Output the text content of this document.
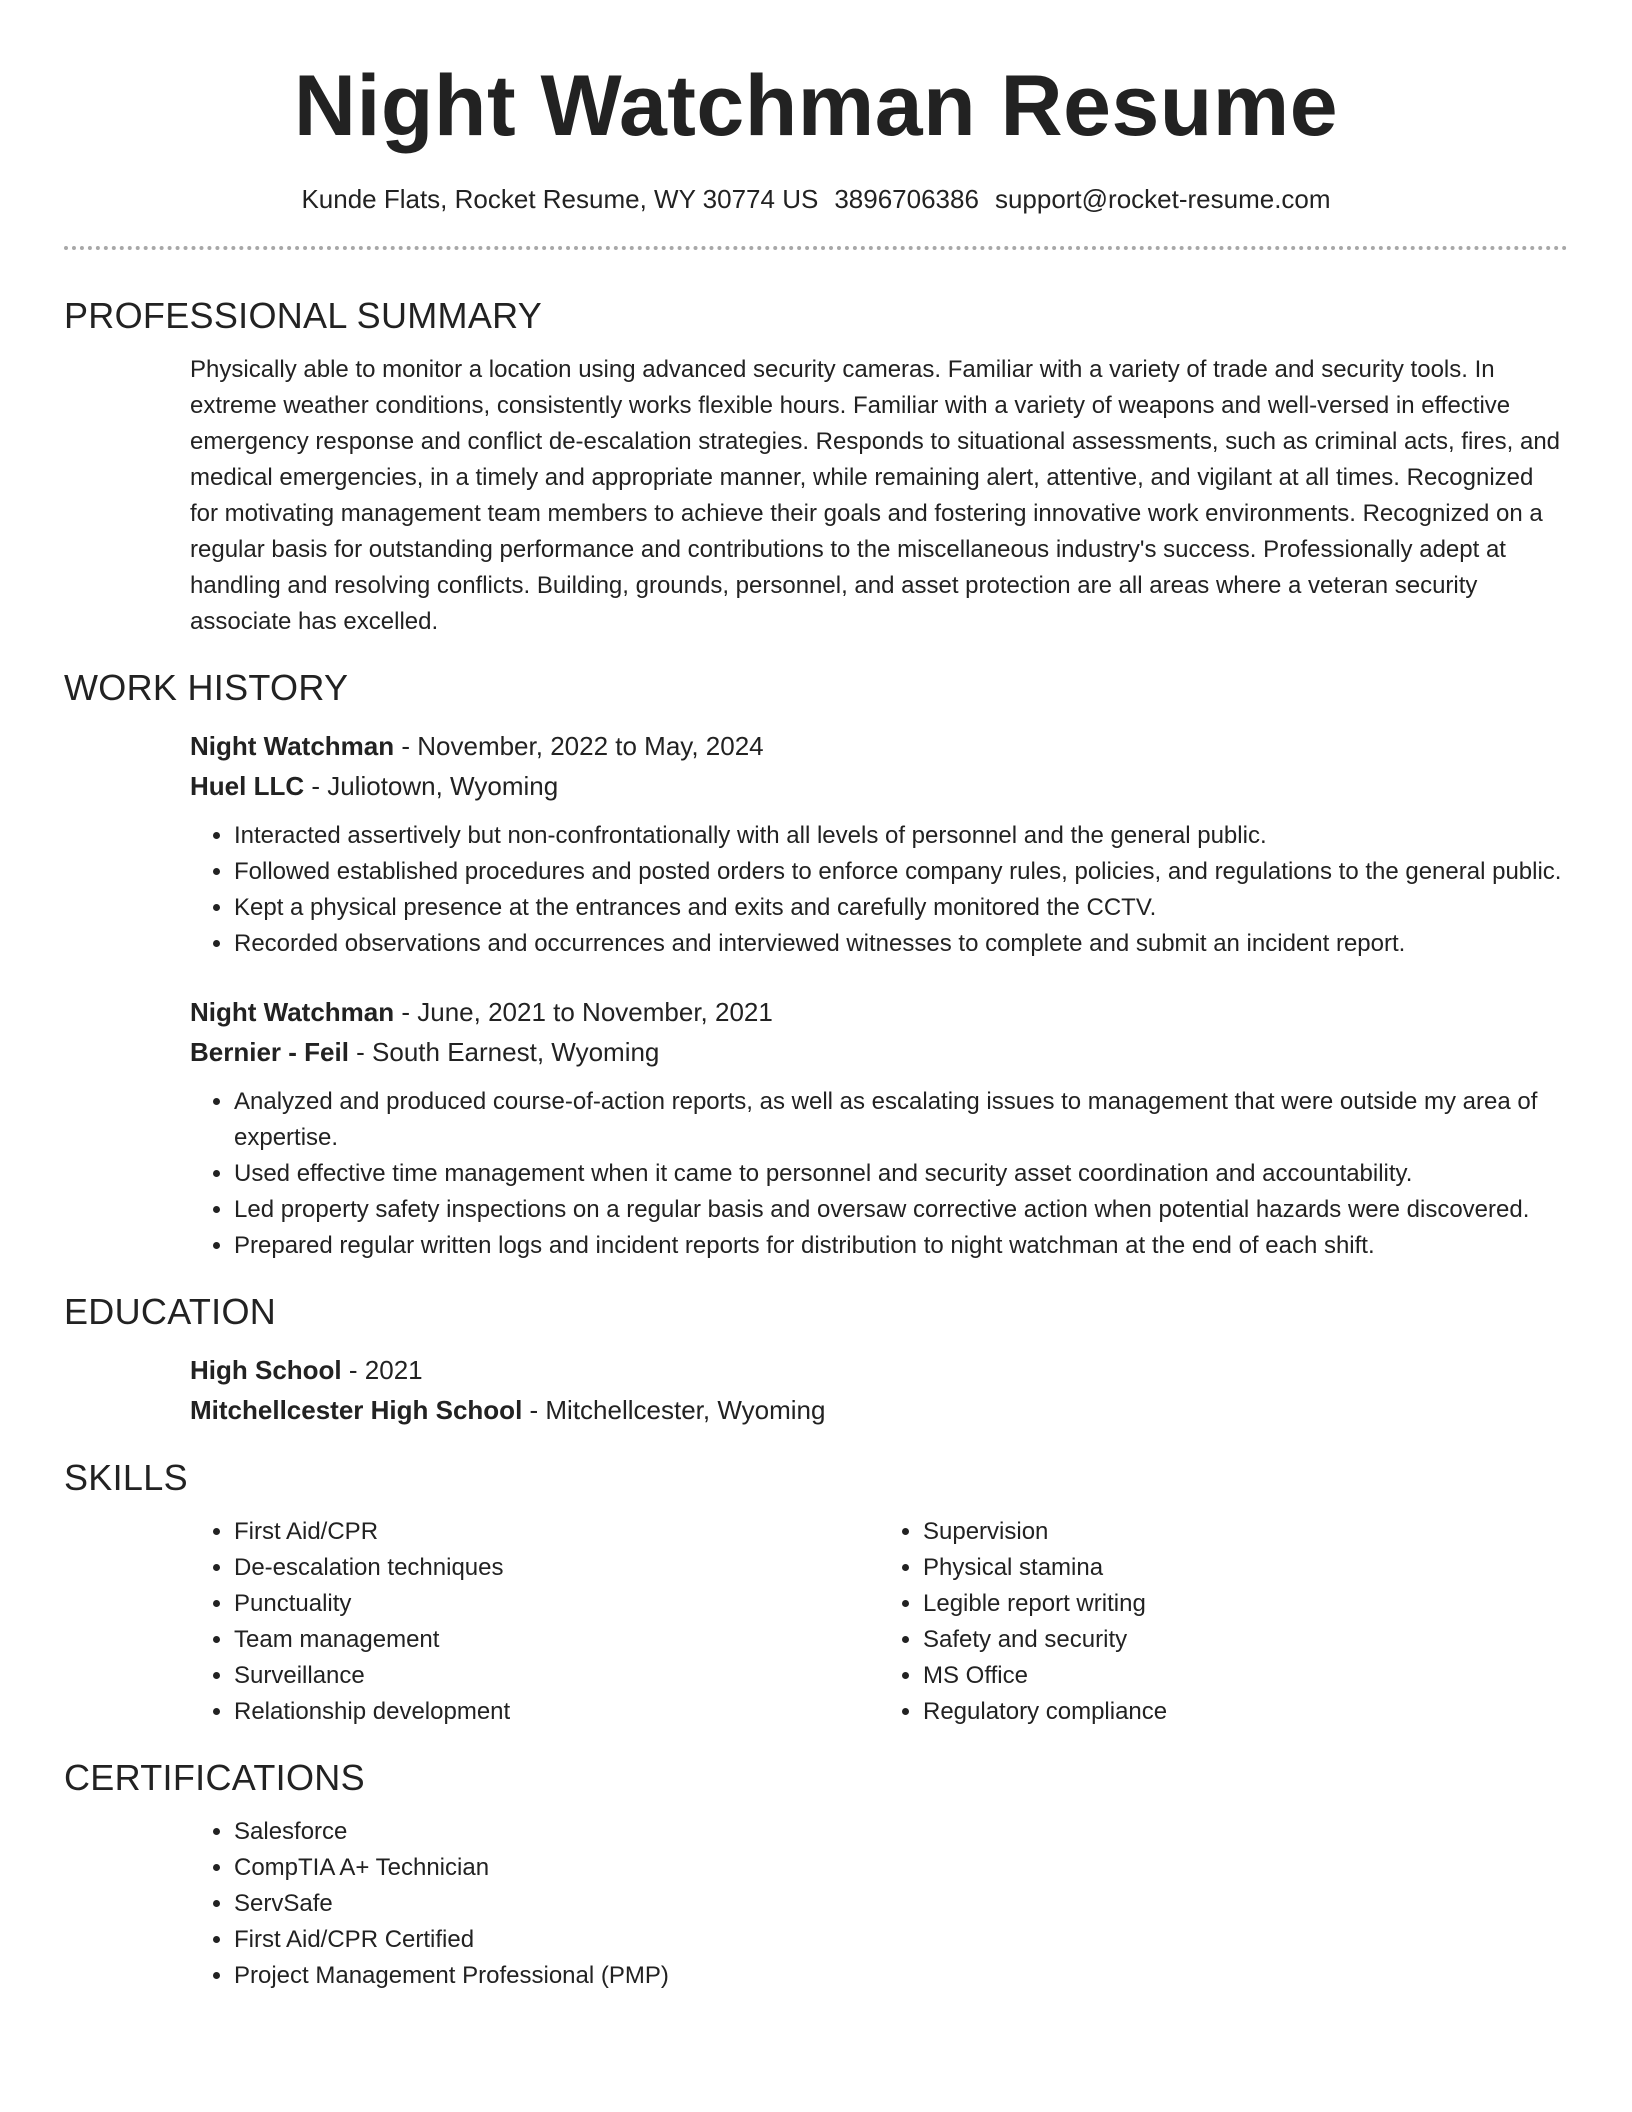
Night Watchman Resume
Kunde Flats, Rocket Resume, WY 30774 US 3896706386 support@rocket-resume.com
PROFESSIONAL SUMMARY

Physically able to monitor a location using advanced security cameras. Familiar with a variety of trade and security tools. In extreme weather conditions, consistently works flexible hours. Familiar with a variety of weapons and well-versed in effective emergency response and conflict de-escalation strategies. Responds to situational assessments, such as criminal acts, fires, and medical emergencies, in a timely and appropriate manner, while remaining alert, attentive, and vigilant at all times. Recognized for motivating management team members to achieve their goals and fostering innovative work environments. Recognized on a regular basis for outstanding performance and contributions to the miscellaneous industry's success. Professionally adept at handling and resolving conflicts. Building, grounds, personnel, and asset protection are all areas where a veteran security associate has excelled.

WORK HISTORY
Night Watchman - November, 2022 to May, 2024
Huel LLC - Juliotown, Wyoming
• Interacted assertively but non-confrontationally with all levels of personnel and the general public.
• Followed established procedures and posted orders to enforce company rules, policies, and regulations to the general public.
• Kept a physical presence at the entrances and exits and carefully monitored the CCTV.
• Recorded observations and occurrences and interviewed witnesses to complete and submit an incident report.
Night Watchman - June, 2021 to November, 2021
Bernier - Feil - South Earnest, Wyoming
• Analyzed and produced course-of-action reports, as well as escalating issues to management that were outside my area of expertise.
• Used effective time management when it came to personnel and security asset coordination and accountability.
• Led property safety inspections on a regular basis and oversaw corrective action when potential hazards were discovered.
• Prepared regular written logs and incident reports for distribution to night watchman at the end of each shift.
EDUCATION
High School - 2021
Mitchellcester High School - Mitchellcester, Wyoming
SKILLS
• First Aid/CPR
• De-escalation techniques
• Punctuality
• Team management
• Surveillance
• Relationship development
• Supervision
• Physical stamina
• Legible report writing
• Safety and security
• MS Office
• Regulatory compliance
CERTIFICATIONS
• Salesforce
• CompTIA A+ Technician
• ServSafe
• First Aid/CPR Certified
• Project Management Professional (PMP)
